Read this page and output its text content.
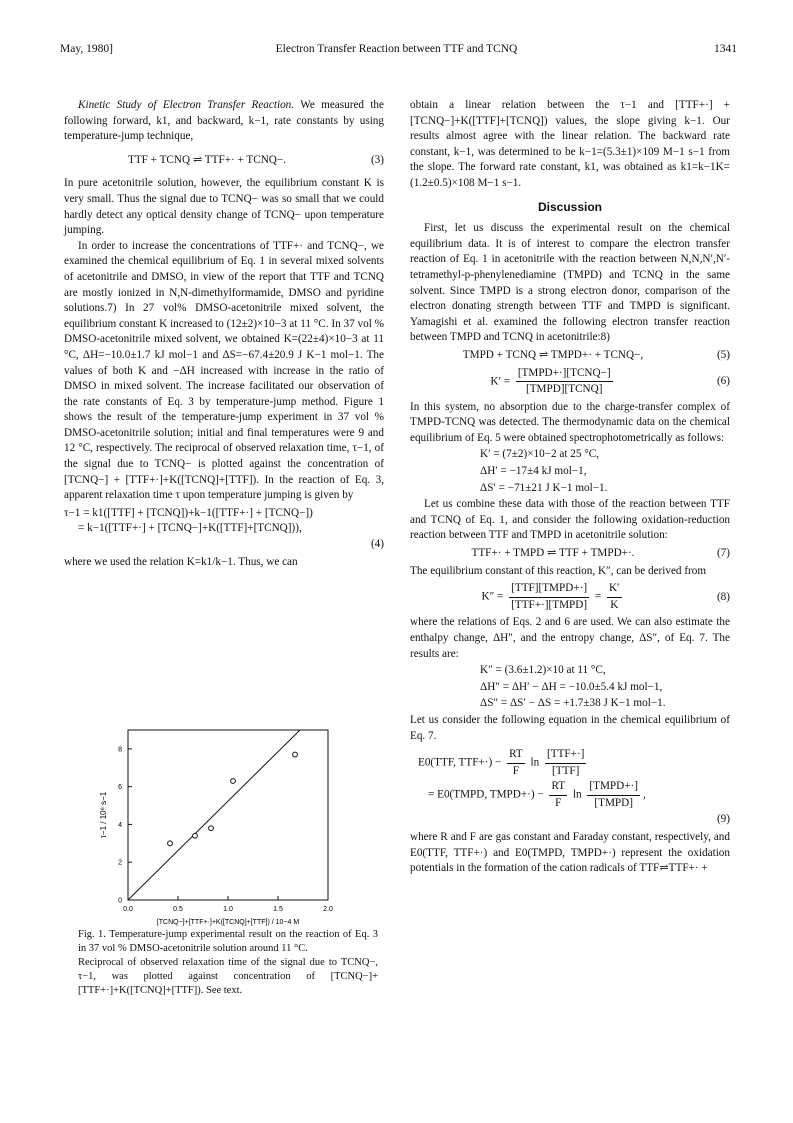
May, 1980]	Electron Transfer Reaction between TTF and TCNQ	1341

Kinetic Study of Electron Transfer Reaction. We measured the following forward, k1, and backward, k−1, rate constants by using temperature-jump technique,

TTF + TCNQ ⇌ TTF+· + TCNQ−.	(3)

In pure acetonitrile solution, however, the equilibrium constant K is very small. Thus the signal due to TCNQ− was so small that we could hardly detect any optical density change of TCNQ− upon temperature jumping.

In order to increase the concentrations of TTF+· and TCNQ−, we examined the chemical equilibrium of Eq. 1 in several mixed solvents of acetonitrile and DMSO, in view of the report that TTF and TCNQ are mostly ionized in N,N-dimethylformamide, DMSO and pyridine solutions.7) In 27 vol% DMSO-acetonitrile mixed solvent, the equilibrium constant K increased to (12±2)×10−3 at 11 °C. In 37 vol % DMSO-acetonitrile mixed solvent, we obtained K=(22±4)×10−3 at 11 °C, ΔH=−10.0±1.7 kJ mol−1 and ΔS=−67.4±20.9 J K−1 mol−1. The values of both K and −ΔH increased with increase in the ratio of DMSO in mixed solvent. The increase facilitated our observation of the rate constants of Eq. 3 by temperature-jump method. Figure 1 shows the result of the temperature-jump experiment in 37 vol % DMSO-acetonitrile solution; initial and final temperatures were 9 and 12 °C, respectively. The reciprocal of observed relaxation time, τ−1, of the signal due to TCNQ− is plotted against the concentration of [TCNQ−] + [TTF+·]+K([TCNQ]+[TTF]). In the reaction of Eq. 3, apparent relaxation time τ upon temperature jumping is given by

τ−1 = k1([TTF] + [TCNQ])+k−1([TTF+·] + [TCNQ−])
= k−1([TTF+·] + [TCNQ−]+K([TTF]+[TCNQ])),
(4)

where we used the relation K=k1/k−1. Thus, we can

0.0	0.5	1.0	1.5	2.0
0
2
4
6
8
τ−1 / 10⁶ s−1
[TCNQ−]+[TTF+·]+K([TCNQ]+[TTF]) / 10−4 M

Fig. 1. Temperature-jump experimental result on the reaction of Eq. 3 in 37 vol % DMSO-acetonitrile solution around 11 °C.

Reciprocal of observed relaxation time of the signal due to TCNQ−, τ−1, was plotted against concentration of [TCNQ−]+[TTF+·]+K([TCNQ]+[TTF]). See text.

obtain a linear relation between the τ−1 and [TTF+·] + [TCNQ−]+K([TTF]+[TCNQ]) values, the slope giving k−1. Our results almost agree with the linear relation. The backward rate constant, k−1, was determined to be k−1=(5.3±1)×109 M−1 s−1 from the slope. The forward rate constant, k1, was obtained as k1=k−1K=(1.2±0.5)×108 M−1 s−1.

Discussion

First, let us discuss the experimental result on the chemical equilibrium data. It is of interest to compare the electron transfer reaction of Eq. 1 in acetonitrile with the reaction between N,N,N′,N′-tetramethyl-p-phenylenediamine (TMPD) and TCNQ in the same solvent. Since TMPD is a strong electron donor, comparison of the electron donating strength between TTF and TMPD is significant. Yamagishi et al. examined the following electron transfer reaction between TMPD and TCNQ in acetonitrile:8)

TMPD + TCNQ ⇌ TMPD+· + TCNQ−,	(5)
$K' = \frac{\text{[TMPD+·][TCNQ−]}}{\text{[TMPD][TCNQ]}}$	(6)

In this system, no absorption due to the charge-transfer complex of TMPD-TCNQ was detected. The thermodynamic data on the chemical equilibrium of Eq. 5 were obtained spectrophotometrically as follows:

K′ = (7±2)×10−2 at 25 °C,
ΔH′ = −17±4 kJ mol−1,
ΔS′ = −71±21 J K−1 mol−1.

Let us combine these data with those of the reaction between TTF and TCNQ of Eq. 1, and consider the following oxidation-reduction reaction between TTF and TMPD in acetonitrile solution:

TTF+· + TMPD ⇌ TTF + TMPD+·.	(7)

The equilibrium constant of this reaction, K″, can be derived from

$K'' = \frac{\text{[TTF][TMPD+·]}}{\text{[TTF+·][TMPD]}} = \frac{K'}{K}$	(8)

where the relations of Eqs. 2 and 6 are used. We can also estimate the enthalpy change, ΔH″, and the entropy change, ΔS″, of Eq. 7. The results are:

K″ = (3.6±1.2)×10 at 11 °C,
ΔH″ = ΔH′ − ΔH = −10.0±5.4 kJ mol−1,
ΔS″ = ΔS′ − ΔS = +1.7±38 J K−1 mol−1.

Let us consider the following equation in the chemical equilibrium of Eq. 7.

E0(TTF, $TTF+\cdot) - \frac{RT}{F}$ $\ln \frac{\text{[TTF+·]}}{\text{[TTF]}}$
= E0(TMPD, TMPD+·) − $\frac{RT}{F}$ $\ln \frac{\text{[TMPD+·]}}{\text{[TMPD]}}$ ,
(9)

where R and F are gas constant and Faraday constant, respectively, and E0(TTF, TTF+·) and E0(TMPD, TMPD+·) represent the oxidation potentials in the formation of the cation radicals of TTF⇌TTF+· +
